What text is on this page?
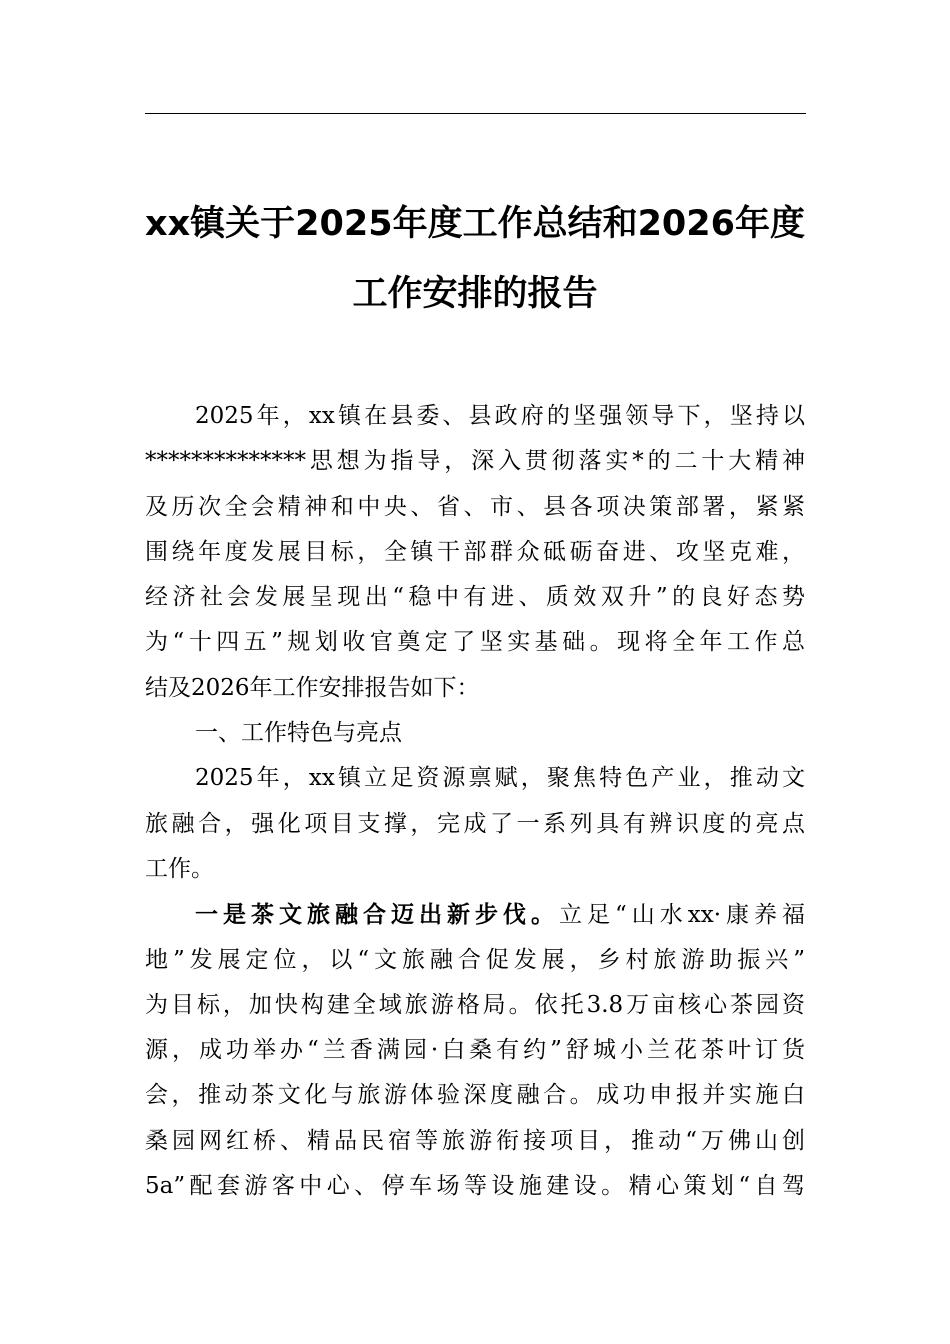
xx镇关于2025年度工作总结和2026年度
工作安排的报告
2025年，xx镇在县委、县政府的坚强领导下，坚持以
**************思想为指导，深入贯彻落实*的二十大精神
及历次全会精神和中央、省、市、县各项决策部署，紧紧
围绕年度发展目标，全镇干部群众砥砺奋进、攻坚克难，
经济社会发展呈现出“稳中有进、质效双升”的良好态势
为“十四五”规划收官奠定了坚实基础。现将全年工作总
结及2026年工作安排报告如下：
一、工作特色与亮点
2025年，xx镇立足资源禀赋，聚焦特色产业，推动文
旅融合，强化项目支撑，完成了一系列具有辨识度的亮点
工作。
一是茶文旅融合迈出新步伐。立足“山水xx·康养福
地”发展定位，以“文旅融合促发展，乡村旅游助振兴”
为目标，加快构建全域旅游格局。依托3.8万亩核心茶园资
源，成功举办“兰香满园·白桑有约”舒城小兰花茶叶订货
会，推动茶文化与旅游体验深度融合。成功申报并实施白
桑园网红桥、精品民宿等旅游衔接项目，推动“万佛山创
5a”配套游客中心、停车场等设施建设。精心策划“自驾
